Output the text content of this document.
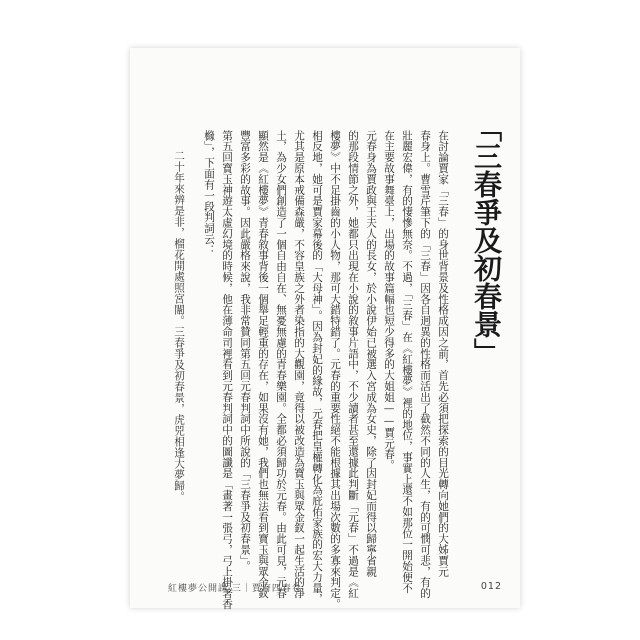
「三春爭及初春景」
在討論賈家「三春」的身世背景及性格成因之前，首先必須把探索的目光轉向她們的大姊賈元
春身上。曹雪芹筆下的「三春」因各自迥異的性格而活出了截然不同的人生，有的可憫可悲，有的
壯麗宏偉，有的悽慘無奈。不過，「三春」在《紅樓夢》裡的地位，事實上還不如那位一開始便不
在主要故事舞臺上，出場的故事篇幅也短少得多的大姐姐——賈元春。
元春身為賈政與王夫人的長女，於小說伊始已被選入宮成為女史，除了因封妃而得以歸寧省親
的那段情節之外，她都只出現在小說的敘事片語中，不少讀者甚至還據此判斷「元春」不過是《紅
樓夢》中不足掛齒的小人物，那可大錯特錯了。元春的重要性絕不能根據其出場次數的多寡來判定。
相反地，她可是賈家幕後的「大母神」。因為封妃的緣故，元春把皇權轉化為庇佑家族的宏大力量，
尤其是原本戒備森嚴，不容皇族之外者染指的大觀園，竟得以被改造為寶玉與眾金釵一起生活的淨
土，為少女們創造了一個自由自在、無憂無慮的青春樂園。全都必須歸功於元春。由此可見，元春
顯然是《紅樓夢》青春敘事背後一個舉足輕重的存在，如果沒有她，我們也無法看到寶玉與眾金釵
豐富多彩的故事。因此嚴格來說，我非常贊同第五回元春判詞中所說的「三春爭及初春景」。
第五回寶玉神遊太虛幻境的時候，他在薄命司裡看到元春判詞中的圖讖是「畫著一張弓，弓上掛著香
櫞」，下面有一段判詞云：
二十年來辨是非，榴花開處照宮闈。三春爭及初春景，虎兕相逢大夢歸。
紅樓夢公開課 三｜賈府四春卷	012
